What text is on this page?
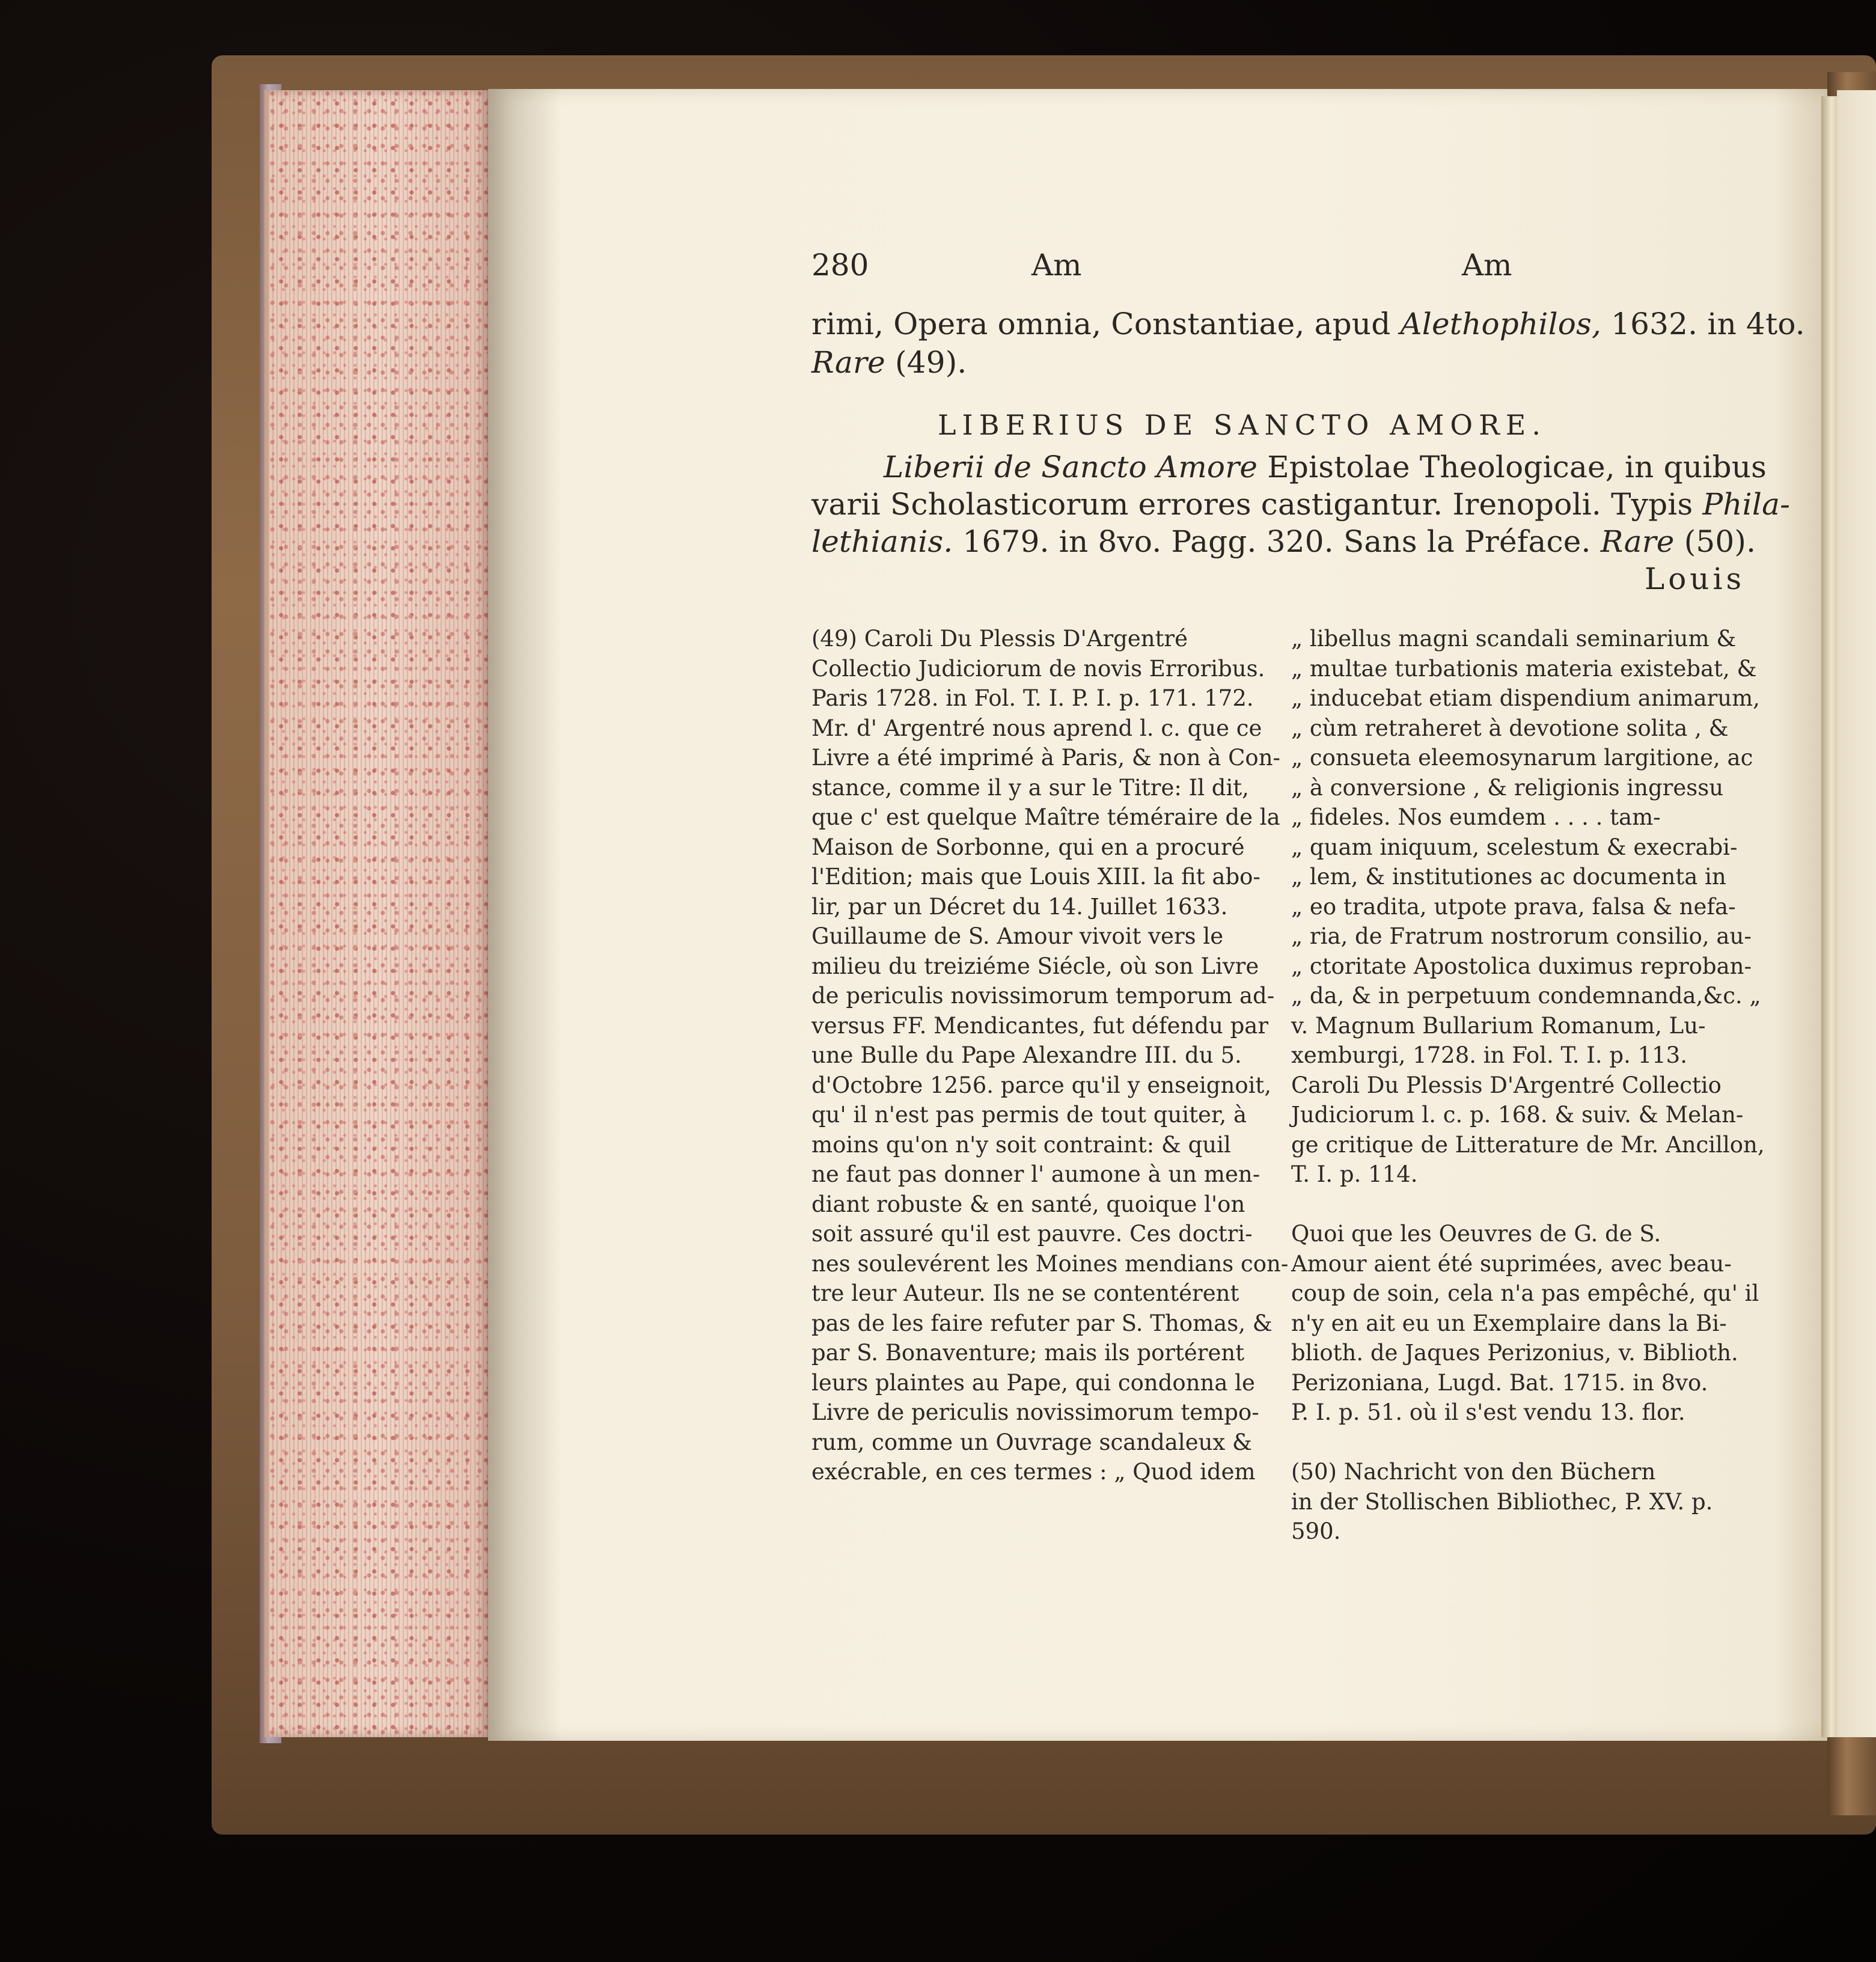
280	Am	Am
rimi, Opera omnia, Constantiae, apud Alethophilos, 1632. in 4to.
Rare (49).
LIBERIUS DE SANCTO AMORE.
Liberii de Sancto Amore Epistolae Theologicae, in quibus
varii Scholasticorum errores castigantur. Irenopoli. Typis Phila-
lethianis. 1679. in 8vo. Pagg. 320. Sans la Préface. Rare (50).
Louis
(49) Caroli Du Plessis D'Argentré
Collectio Judiciorum de novis Erroribus.
Paris 1728. in Fol. T. I. P. I. p. 171. 172.
Mr. d' Argentré nous aprend l. c. que ce
Livre a été imprimé à Paris, & non à Con-
stance, comme il y a sur le Titre: Il dit,
que c' est quelque Maître téméraire de la
Maison de Sorbonne, qui en a procuré
l'Edition; mais que Louis XIII. la fit abo-
lir, par un Décret du 14. Juillet 1633.
Guillaume de S. Amour vivoit vers le
milieu du treiziéme Siécle, où son Livre
de periculis novissimorum temporum ad-
versus FF. Mendicantes, fut défendu par
une Bulle du Pape Alexandre III. du 5.
d'Octobre 1256. parce qu'il y enseignoit,
qu' il n'est pas permis de tout quiter, à
moins qu'on n'y soit contraint: & quil
ne faut pas donner l' aumone à un men-
diant robuste & en santé, quoique l'on
soit assuré qu'il est pauvre. Ces doctri-
nes soulevérent les Moines mendians con-
tre leur Auteur. Ils ne se contentérent
pas de les faire refuter par S. Thomas, &
par S. Bonaventure; mais ils portérent
leurs plaintes au Pape, qui condonna le
Livre de periculis novissimorum tempo-
rum, comme un Ouvrage scandaleux &
exécrable, en ces termes : „ Quod idem
„ libellus magni scandali seminarium &
„ multae turbationis materia existebat, &
„ inducebat etiam dispendium animarum,
„ cùm retraheret à devotione solita , &
„ consueta eleemosynarum largitione, ac
„ à conversione , & religionis ingressu
„ fideles. Nos eumdem . . . . tam-
„ quam iniquum, scelestum & execrabi-
„ lem, & institutiones ac documenta in
„ eo tradita, utpote prava, falsa & nefa-
„ ria, de Fratrum nostrorum consilio, au-
„ ctoritate Apostolica duximus reproban-
„ da, & in perpetuum condemnanda,&c. „
v. Magnum Bullarium Romanum, Lu-
xemburgi, 1728. in Fol. T. I. p. 113.
Caroli Du Plessis D'Argentré Collectio
Judiciorum l. c. p. 168. & suiv. & Melan-
ge critique de Litterature de Mr. Ancillon,
T. I. p. 114.

Quoi que les Oeuvres de G. de S.
Amour aient été suprimées, avec beau-
coup de soin, cela n'a pas empêché, qu' il
n'y en ait eu un Exemplaire dans la Bi-
blioth. de Jaques Perizonius, v. Biblioth.
Perizoniana, Lugd. Bat. 1715. in 8vo.
P. I. p. 51. où il s'est vendu 13. flor.

(50) Nachricht von den Büchern
in der Stollischen Bibliothec, P. XV. p.
590.
